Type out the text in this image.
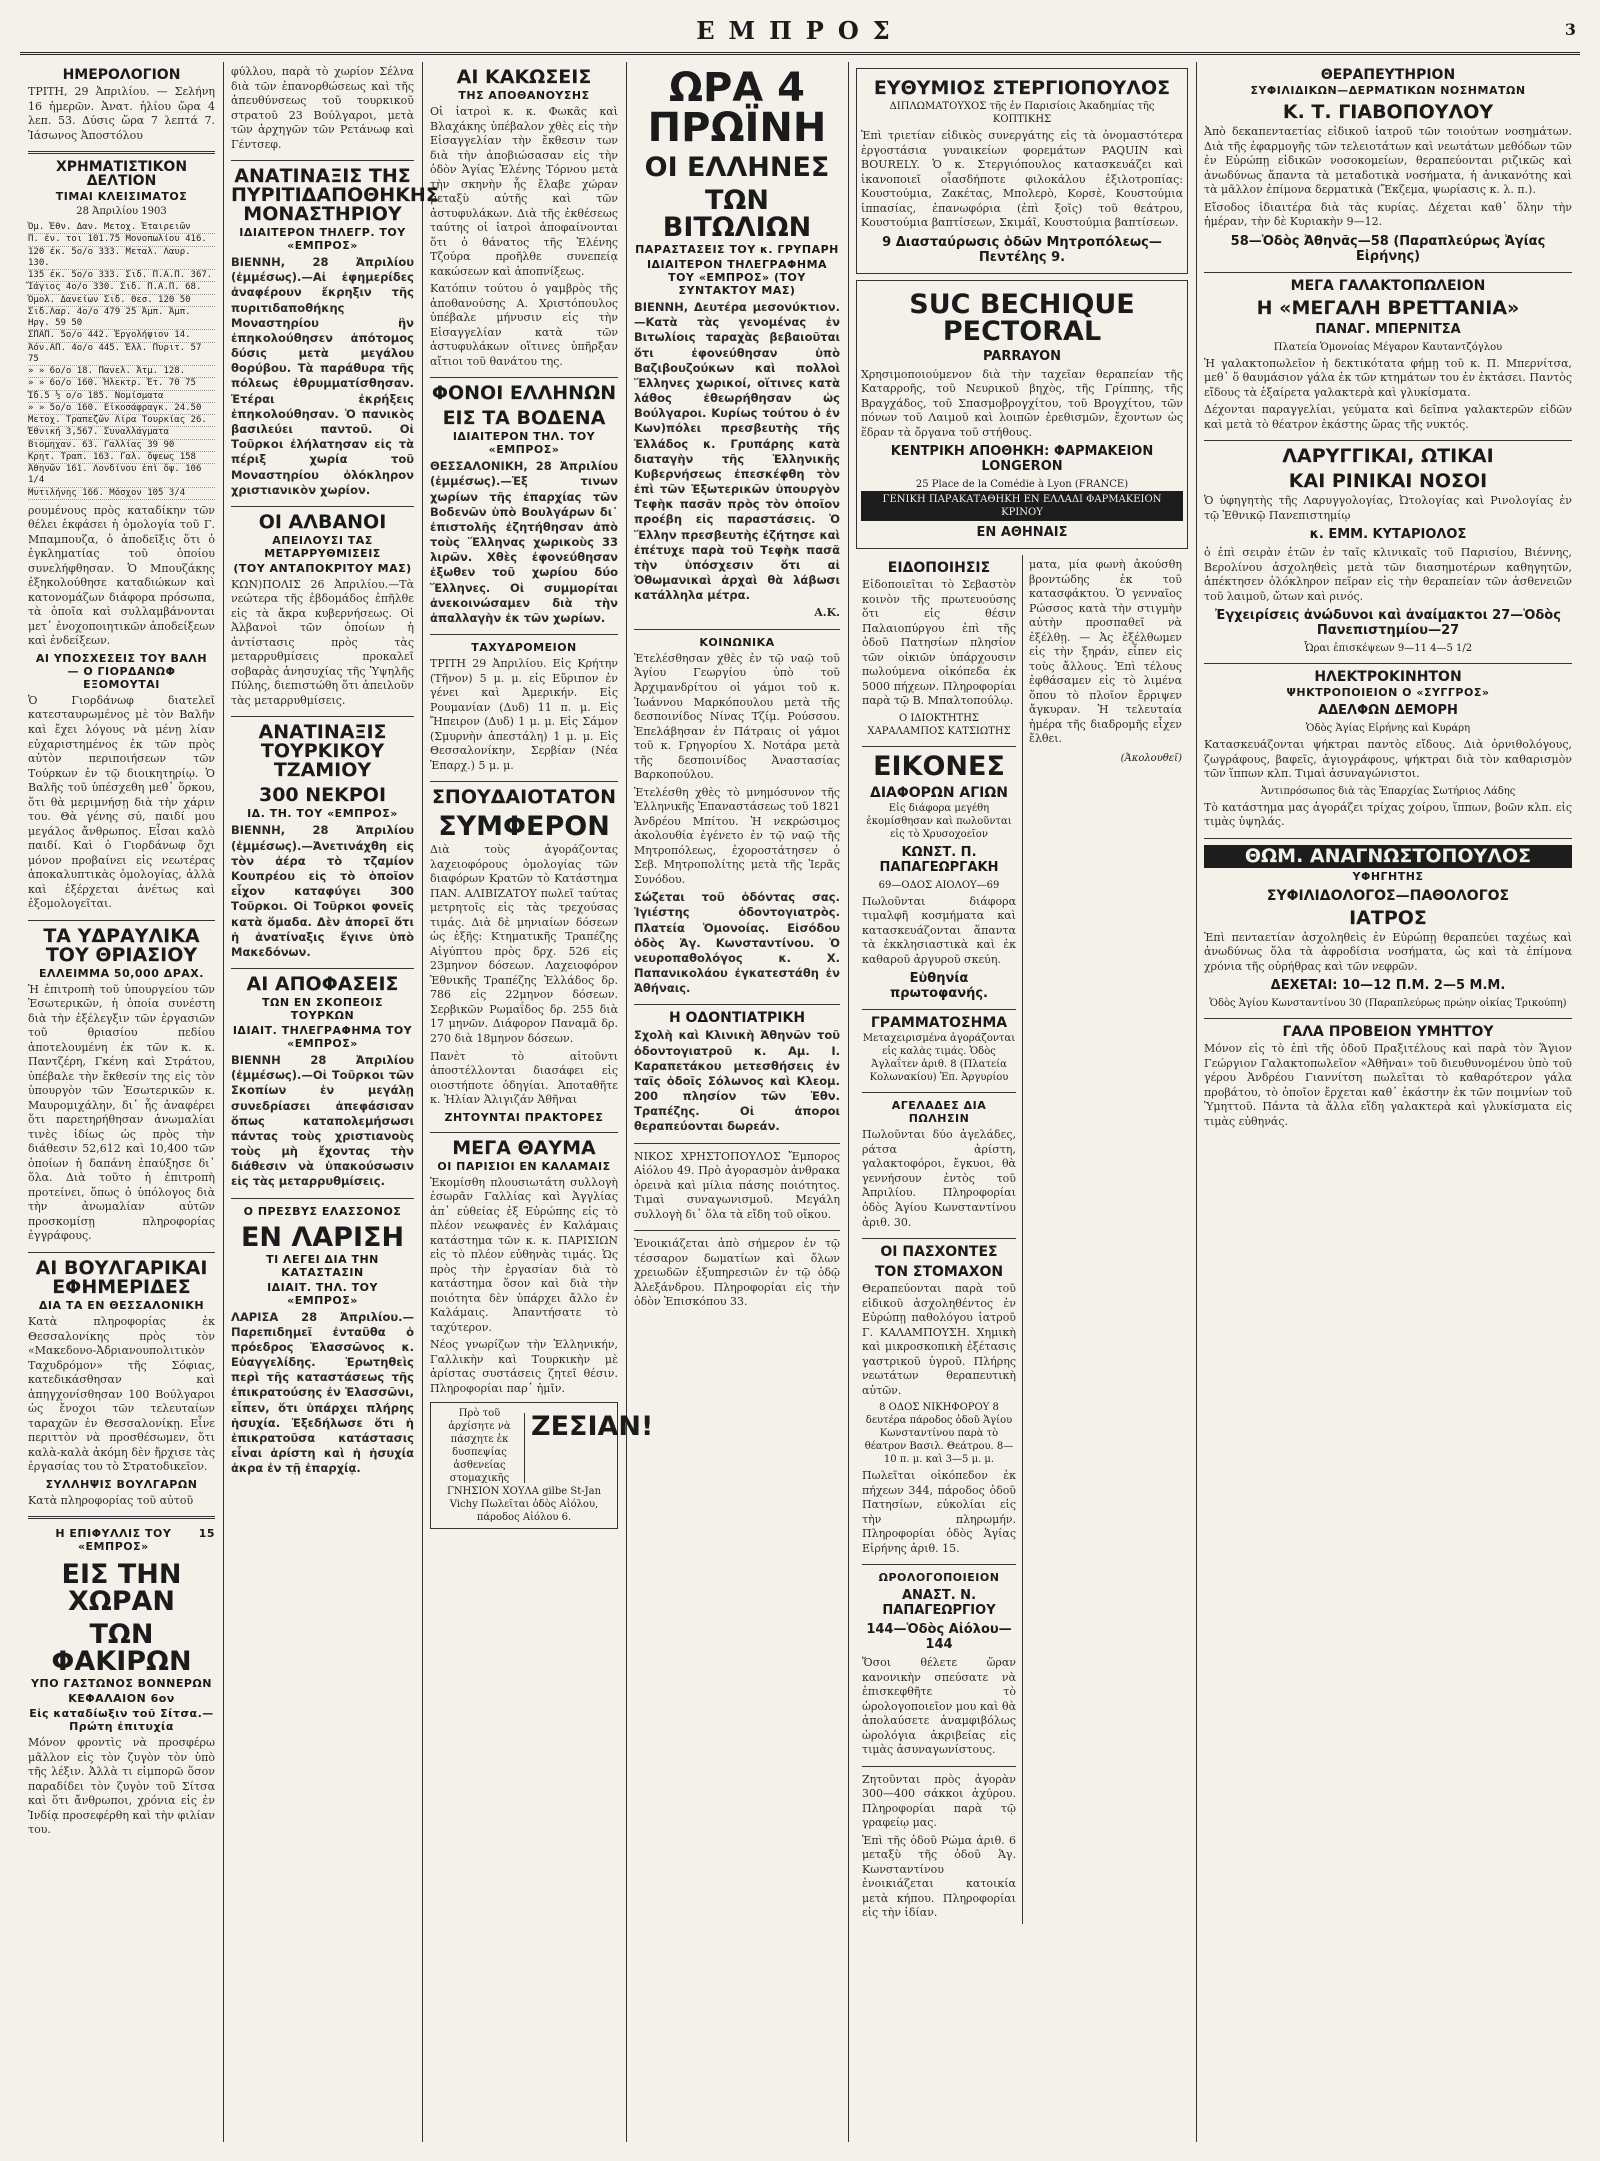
ΕΜΠΡΟΣ	3
ΗΜΕΡΟΛΟΓΙΟΝ
ΤΡΙΤΗ, 29 Ἀπριλίου. — Σελήνη 16 ἡμερῶν. Ἀνατ. ἡλίου ὥρα 4 λεπ. 53. Δύσις ὥρα 7 λεπτά 7. Ἰάσωνος Ἀποστόλου
ΧΡΗΜΑΤΙΣΤΙΚΟΝ ΔΕΛΤΙΟΝ
ΤΙΜΑΙ ΚΛΕΙΣΙΜΑΤΟΣ
28 Ἀπριλίου 1903
Ὁμ. Ἐθν. Δαν. Μετοχ. Ἑταιρειῶν
Π. ἑν. τοι 101.75 Μονοπωλίου 416.
120 έκ. 5ο/ο 333. Μεταλ. Λαυρ. 130.
135 έκ. 5ο/ο 333. Σιδ. Π.Α.Π. 367.
Ἴάγιος 4ο/ο 330. Σιδ. Π.Α.Π. 68.
Ὁμολ. Δανείων Σιδ. Θεσ. 120 50
Σιδ.Λαρ. 4ο/ο 479 25 Ἀμπ. Ἀμπ. Ηργ. 59 50
ΣΠΑΠ. 5ο/ο 442. Ἐργολήψιον 14.
Ἀόν.ΑΠ. 4ο/ο 445. Ἑλλ. Πυριτ. 57 75
» » 6ο/ο 18. Πανελ. Ἀτμ. 128.
» » 6ο/ο 160. Ἠλεκτρ. Ἑτ. 70 75
Ἰδ.5 ½ ο/ο 185. Νομίσματα
» » 5ο/ο 160. Εἰκοσάφραγκ. 24.50
Μετοχ. Τραπεζῶν Λίρα Τουρκίας 26.
Ἐθνική 3,567. Συναλλάγματα
Βιομηχαν. 63. Γαλλίας 39 90
Κρητ. Τραπ. 163. Γαλ. ὄψεως 158
Ἀθηνῶν 161. Λονδίνου ἐπὶ ὄψ. 106 1/4
Μυτιλήνης 166. Μόσχον 105 3/4
ρουμένους πρὸς καταδίκην τῶν θέλει ἐκφάσει ἡ ὁμολογία τοῦ Γ. Μπαμπουζα, ὁ ἀποδεῖξις ὅτι ὁ ἐγκληματίας τοῦ ὁποίου συνελήφθησαν. Ὁ Μπουζάκης ἐξηκολούθησε καταδιώκων καὶ κατονομάζων διάφορα πρόσωπα, τὰ ὁποῖα καὶ συλλαμβάνονται μετ᾽ ἐνοχοποιητικῶν ἀποδείξεων καὶ ἐνδείξεων.
ΑΙ ΥΠΟΣΧΕΣΕΙΣ ΤΟΥ ΒΑΛΗ — Ο ΓΙΟΡΔΑΝΩΦ ΕΞΟΜΟΥΤΑΙ
Ὁ Γιορδάνωφ διατελεῖ κατεσταυρωμένος μὲ τὸν Βαλῆν καὶ ἔχει λόγους νὰ μένῃ λίαν εὐχαριστημένος ἐκ τῶν πρὸς αὐτὸν περιποιήσεων τῶν Τούρκων ἐν τῷ διοικητηρίῳ. Ὁ Βαλῆς τοῦ ὑπέσχεθη μεθ᾽ ὅρκου, ὅτι θὰ μεριμνήσῃ διὰ τὴν χάριν του. Θὰ γένης σύ, παιδί μου μεγάλος ἄνθρωπος. Εἶσαι καλὸ παιδί. Καὶ ὁ Γιορδάνωφ ὄχι μόνον προβαίνει εἰς νεωτέρας ἀποκαλυπτικὰς ὁμολογίας, ἀλλὰ καὶ ἐξέρχεται ἀνέτως καὶ ἐξομολογεῖται.
ΤΑ ΥΔΡΑΥΛΙΚΑ ΤΟΥ ΘΡΙΑΣΙΟΥ
ΕΛΛΕΙΜΜΑ 50,000 ΔΡΑΧ.
Ἡ ἐπιτροπὴ τοῦ ὑπουργείου τῶν Ἐσωτερικῶν, ἡ ὁποία συνέστη διὰ τὴν ἐξέλεγξιν τῶν ἐργασιῶν τοῦ θριασίου πεδίου ἀποτελουμένη ἐκ τῶν κ. κ. Παντζέρη, Γκένη καὶ Στράτου, ὑπέβαλε τὴν ἔκθεσίν της εἰς τὸν ὑπουργὸν τῶν Ἐσωτερικῶν κ. Μαυρομιχάλην, δι᾽ ἧς ἀναφέρει ὅτι παρετηρήθησαν ἀνωμαλίαι τινὲς ἰδίως ὡς πρὸς τὴν διάθεσιν 52,612 καὶ 10,400 τῶν ὁποίων ἡ δαπάνη ἐπαύξησε δι᾽ ὅλα. Διὰ τοῦτο ἡ ἐπιτροπὴ προτείνει, ὅπως ὁ ὑπόλογος διὰ τὴν ἀνωμαλίαν αὐτῶν προσκομίσῃ πληροφορίας ἐγγράφους.
ΑΙ ΒΟΥΛΓΑΡΙΚΑΙ ΕΦΗΜΕΡΙΔΕΣ
ΔΙΑ ΤΑ ΕΝ ΘΕΣΣΑΛΟΝΙΚΗ
Κατὰ πληροφορίας ἐκ Θεσσαλονίκης πρὸς τὸν «Μακεδονο-Ἀδριανουπολιτικὸν Ταχυδρόμον» τῆς Σόφιας, κατεδικάσθησαν καὶ ἀπηγχονίσθησαν 100 Βούλγαροι ὡς ἔνοχοι τῶν τελευταίων ταραχῶν ἐν Θεσσαλονίκῃ. Εἶνε περιττὸν νὰ προσθέσωμεν, ὅτι καλὰ-καλὰ ἀκόμη δὲν ἤρχισε τὰς ἐργασίας του τὸ Στρατοδικεῖον.
ΣΥΛΛΗΨΙΣ ΒΟΥΛΓΑΡΩΝ
Κατὰ πληροφορίας τοῦ αὐτοῦ
Η ΕΠΙΦΥΛΛΙΣ ΤΟΥ «ΕΜΠΡΟΣ»
15
ΕΙΣ ΤΗΝ ΧΩΡΑΝ
ΤΩΝ ΦΑΚΙΡΩΝ
ΥΠΟ ΓΑΣΤΩΝΟΣ ΒΟΝΝΕΡΩΝ
ΚΕΦΑΛΑΙΟΝ 6ον
Εἰς καταδίωξιν τοῦ Σίτσα.— Πρώτη ἐπιτυχία
Μόνον φροντὶς νὰ προσφέρω μᾶλλον εἰς τὸν ζυγὸν τὸν ὑπὸ τῆς λέξιν. Ἀλλὰ τι εἰμπορῶ ὅσον παραδίδει τὸν ζυγὸν τοῦ Σίτσα καὶ ὅτι ἄνθρωποι, χρόνια εἰς ἐν Ἰνδίᾳ προσεφέρθη καὶ τὴν φιλίαν του.
φύλλου, παρὰ τὸ χωρίον Σέλνα διὰ τῶν ἐπανορθώσεως καὶ τῆς ἀπευθύνσεως τοῦ τουρκικοῦ στρατοῦ 23 Βούλγαροι, μετὰ τῶν ἀρχηγῶν τῶν Ρετάνωφ καὶ Γέντσεφ.
ΑΝΑΤΙΝΑΞΙΣ ΤΗΣ ΠΥΡΙΤΙΔΑΠΟΘΗΚΗΣ ΜΟΝΑΣΤΗΡΙΟΥ
ΙΔΙΑΙΤΕΡΟΝ ΤΗΛΕΓΡ. ΤΟΥ «ΕΜΠΡΟΣ»
ΒΙΕΝΝΗ, 28 Ἀπριλίου (ἐμμέσως).—Αἱ ἐφημερίδες ἀναφέρουν ἔκρηξιν τῆς πυριτιδαποθήκης Μοναστηρίου ἣν ἐπηκολούθησεν ἀπότομος δύσις μετὰ μεγάλου θορύβου. Τὰ παράθυρα τῆς πόλεως ἐθρυμματίσθησαν. Ἐτέραι ἐκρήξεις ἐπηκολούθησαν. Ὁ πανικὸς βασιλεύει παντοῦ. Οἱ Τοῦρκοι ἐλήλατησαν εἰς τὰ πέριξ χωρία τοῦ Μοναστηρίου ὁλόκληρον χριστιανικὸν χωρίον.
ΟΙ ΑΛΒΑΝΟΙ
ΑΠΕΙΛΟΥΣΙ ΤΑΣ ΜΕΤΑΡΡΥΘΜΙΣΕΙΣ
(ΤΟΥ ΑΝΤΑΠΟΚΡΙΤΟΥ ΜΑΣ)
ΚΩΝ)ΠΟΛΙΣ 26 Ἀπριλίου.—Τὰ νεώτερα τῆς ἑβδομάδος ἐπῆλθε εἰς τὰ ἄκρα κυβερνήσεως. Οἱ Ἀλβανοὶ τῶν ὁποίων ἡ ἀντίστασις πρὸς τὰς μεταρρυθμίσεις προκαλεῖ σοβαρὰς ἀνησυχίας τῆς Ὑψηλῆς Πύλης, διεπιστώθη ὅτι ἀπειλοῦν τὰς μεταρρυθμίσεις.
ΑΝΑΤΙΝΑΞΙΣ ΤΟΥΡΚΙΚΟΥ ΤΖΑΜΙΟΥ
300 ΝΕΚΡΟΙ
ΙΔ. ΤΗ. ΤΟΥ «ΕΜΠΡΟΣ»
ΒΙΕΝΝΗ, 28 Ἀπριλίου (ἐμμέσως).—Ἀνετινάχθη εἰς τὸν ἀέρα τὸ τζαμίον Κουπρέου εἰς τὸ ὁποῖον εἶχον καταφύγει 300 Τοῦρκοι. Οἱ Τοῦρκοι φονεῖς κατὰ ὅμαδα. Δὲν ἀπορεῖ ὅτι ἡ ἀνατίναξις ἔγινε ὑπὸ Μακεδόνων.
ΑΙ ΑΠΟΦΑΣΕΙΣ
ΤΩΝ ΕΝ ΣΚΟΠΕΟΙΣ ΤΟΥΡΚΩΝ
ΙΔΙΑΙΤ. ΤΗΛΕΓΡΑΦΗΜΑ ΤΟΥ «ΕΜΠΡΟΣ»
ΒΙΕΝΝΗ 28 Ἀπριλίου (ἐμμέσως).—Οἱ Τοῦρκοι τῶν Σκοπίων ἐν μεγάλῃ συνεδρίασει ἀπεφάσισαν ὅπως καταπολεμήσωσι πάντας τοὺς χριστιανοὺς τοὺς μὴ ἔχοντας τὴν διάθεσιν νὰ ὑπακούσωσιν εἰς τὰς μεταρρυθμίσεις.
Ο ΠΡΕΣΒΥΣ ΕΛΑΣΣΟΝΟΣ
ΕΝ ΛΑΡΙΣΗ
ΤΙ ΛΕΓΕΙ ΔΙΑ ΤΗΝ ΚΑΤΑΣΤΑΣΙΝ
ΙΔΙΑΙΤ. ΤΗΛ. ΤΟΥ «ΕΜΠΡΟΣ»
ΛΑΡΙΣΑ 28 Ἀπριλίου.—Παρεπιδημεῖ ἐνταῦθα ὁ πρόεδρος Ἐλασσῶνος κ. Εὐαγγελίδης. Ἐρωτηθεὶς περὶ τῆς καταστάσεως τῆς ἐπικρατούσης ἐν Ἐλασσῶνι, εἶπεν, ὅτι ὑπάρχει πλήρης ἡσυχία. Ἐξεδήλωσε ὅτι ἡ ἐπικρατοῦσα κατάστασις εἶναι ἀρίστη καὶ ἡ ἡσυχία ἀκρα ἐν τῇ ἐπαρχίᾳ.
ΑΙ ΚΑΚΩΣΕΙΣ
ΤΗΣ ΑΠΟΘΑΝΟΥΣΗΣ
Οἱ ἰατροὶ κ. κ. Φωκᾶς καὶ Βλαχάκης ὑπέβαλον χθὲς εἰς τὴν Εἰσαγγελίαν τὴν ἔκθεσιν των διὰ τὴν ἀποβιώσασαν εἰς τὴν ὁδὸν Ἁγίας Ἑλένης Τόρνου μετὰ τὴν σκηνὴν ἧς ἔλαβε χώραν μεταξὺ αὐτῆς καὶ τῶν ἀστυφυλάκων. Διὰ τῆς ἐκθέσεως ταύτης οἱ ἰατροὶ ἀποφαίνονται ὅτι ὁ θάνατος τῆς Ἑλένης Τζούρα προῆλθε συνεπείᾳ κακώσεων καὶ ἀποπνίξεως.
Κατόπιν τούτου ὁ γαμβρὸς τῆς ἀποθανούσης Α. Χριστόπουλος ὑπέβαλε μήνυσιν εἰς τὴν Εἰσαγγελίαν κατὰ τῶν ἀστυφυλάκων οἵτινες ὑπῆρξαν αἴτιοι τοῦ θανάτου της.
ΦΟΝΟΙ ΕΛΛΗΝΩΝ
ΕΙΣ ΤΑ ΒΟΔΕΝΑ
ΙΔΙΑΙΤΕΡΟΝ ΤΗΛ. ΤΟΥ «ΕΜΠΡΟΣ»
ΘΕΣΣΑΛΟΝΙΚΗ, 28 Ἀπριλίου (ἐμμέσως).—Ἐξ τινων χωρίων τῆς ἐπαρχίας τῶν Βοδενῶν ὑπὸ Βουλγάρων δι᾽ ἐπιστολῆς ἐζητήθησαν ἀπὸ τοὺς Ἕλληνας χωρικοὺς 33 λιρῶν. Χθὲς ἐφονεύθησαν ἐξωθεν τοῦ χωρίου δύο Ἕλληνες. Οἱ συμμορίται ἀνεκοινώσαμεν διὰ τὴν ἀπαλλαγὴν ἐκ τῶν χωρίων.
ΤΑΧΥΔΡΟΜΕΙΟΝ
ΤΡΙΤΗ 29 Ἀπριλίου. Εἰς Κρήτην (Τῆνον) 5 μ. μ. εἰς Εὔριπον ἐν γένει καὶ Ἀμερικήν. Εἰς Ρουμανίαν (Δυδ) 11 π. μ. Εἰς Ἤπειρον (Δυδ) 1 μ. μ. Εἰς Σάμον (Σμυρνὴν ἀπεστάλη) 1 μ. μ. Εἰς Θεσσαλονίκην, Σερβίαν (Νέα Ἐπαρχ.) 5 μ. μ.
ΣΠΟΥΔΑΙΟΤΑΤΟΝ
ΣΥΜΦΕΡΟΝ
Διὰ τοὺς ἀγοράζοντας λαχειοφόρους ὁμολογίας τῶν διαφόρων Κρατῶν τὸ Κατάστημα ΠΑΝ. ΑΛΙΒΙΖΑΤΟΥ πωλεῖ ταύτας μετρητοῖς εἰς τὰς τρεχούσας τιμάς. Διὰ δὲ μηνιαίων δόσεων ὡς ἑξῆς: Κτηματικῆς Τραπέζης Αἰγύπτου πρὸς δρχ. 526 εἰς 23μηνον δόσεων. Λαχειοφόρον Ἐθνικῆς Τραπέζης Ἑλλάδος δρ. 786 εἰς 22μηνον δόσεων. Σερβικῶν Ρωμαΐδος δρ. 255 διὰ 17 μηνῶν. Διάφορον Παναμᾶ δρ. 270 διὰ 18μηνον δόσεων.
Πανὲτ τὸ αἰτοῦντι ἀποστέλλονται διασάφει εἰς οιοστήποτε ὁδηγίαι. Ἀποταθῆτε κ. Ἠλίαν Ἀλιγιζάν Ἀθῆναι
ΖΗΤΟΥΝΤΑΙ ΠΡΑΚΤΟΡΕΣ
ΜΕΓΑ ΘΑΥΜΑ
ΟΙ ΠΑΡΙΣΙΟΙ ΕΝ ΚΑΛΑΜΑΙΣ
Ἐκομίσθη πλουσιωτάτη συλλογὴ ἐσωρᾶν Γαλλίας καὶ Ἀγγλίας ἀπ᾽ εὐθείας ἐξ Εὐρώπης εἰς τὸ πλέον νεωφανὲς ἐν Καλάμαις κατάστημα τῶν κ. κ. ΠΑΡΙΣΙΩΝ εἰς τὸ πλέον εὐθηνὰς τιμάς. Ὡς πρὸς τὴν ἐργασίαν διὰ τὸ κατάστημα ὅσον καὶ διὰ τὴν ποιότητα δὲν ὑπάρχει ἄλλο ἐν Καλάμαις. Ἀπαντήσατε τὸ ταχύτερον.
Νέος γνωρίζων τὴν Ἑλληνικήν, Γαλλικὴν καὶ Τουρκικὴν μὲ ἀρίστας συστάσεις ζητεῖ θέσιν. Πληροφορίαι παρ᾽ ἡμῖν.
Πρὸ τοῦ ἀρχίσητε νὰ πάσχητε ἐκ δυσπεψίας ἀσθενείας στομαχικῆς
ΖΕΣΙΑΝ!
ΓΝΗΣΙΟΝ ΧΟΥΛΑ gilbe St-Jan Vichy Πωλεῖται ὁδὸς Αἰόλου, πάροδος Αἰόλου 6.
ΩΡΑ 4 ΠΡΩΪΝΗ
ΟΙ ΕΛΛΗΝΕΣ
ΤΩΝ ΒΙΤΩΛΙΩΝ
ΠΑΡΑΣΤΑΣΕΙΣ ΤΟΥ κ. ΓΡΥΠΑΡΗ
ΙΔΙΑΙΤΕΡΟΝ ΤΗΛΕΓΡΑΦΗΜΑ ΤΟΥ «ΕΜΠΡΟΣ» (ΤΟΥ ΣΥΝΤΑΚΤΟΥ ΜΑΣ)
ΒΙΕΝΝΗ, Δευτέρα μεσονύκτιον.—Κατὰ τὰς γενομένας ἐν Βιτωλίοις ταραχὰς βεβαιοῦται ὅτι ἐφονεύθησαν ὑπὸ Βαζιβουζούκων καὶ πολλοὶ Ἕλληνες χωρικοί, οἵτινες κατὰ λάθος ἐθεωρήθησαν ὡς Βούλγαροι. Κυρίως τούτου ὁ ἐν Κων)πόλει πρεσβευτὴς τῆς Ἑλλάδος κ. Γρυπάρης κατὰ διαταγὴν τῆς Ἑλληνικῆς Κυβερνήσεως ἐπεσκέφθη τὸν ἐπὶ τῶν Ἐξωτερικῶν ὑπουργὸν Τεφὴκ πασᾶν πρὸς τὸν ὁποῖον προέβη εἰς παραστάσεις. Ὁ Ἕλλην πρεσβευτὴς ἐζήτησε καὶ ἐπέτυχε παρὰ τοῦ Τεφὴκ πασᾶ τὴν ὑπόσχεσιν ὅτι αἱ Ὀθωμανικαὶ ἀρχαὶ θὰ λάβωσι κατάλληλα μέτρα.
Α.Κ.
ΚΟΙΝΩΝΙΚΑ
Ἐτελέσθησαν χθὲς ἐν τῷ ναῷ τοῦ Ἁγίου Γεωργίου ὑπὸ τοῦ Ἀρχιμανδρίτου οἱ γάμοι τοῦ κ. Ἰωάννου Μαρκόπουλου μετὰ τῆς δεσποινίδος Νίνας Τζίμ. Ρούσσου. Ἐπελάβησαν ἐν Πάτραις οἱ γάμοι τοῦ κ. Γρηγορίου Χ. Νοτάρα μετὰ τῆς δεσποινίδος Ἀναστασίας Βαρκοπούλου.
Ἐτελέσθη χθὲς τὸ μνημόσυνον τῆς Ἑλληνικῆς Ἐπαναστάσεως τοῦ 1821 Ἀνδρέου Μπίτου. Ἡ νεκρώσιμος ἀκολουθία ἐγένετο ἐν τῷ ναῷ τῆς Μητροπόλεως, ἐχοροστάτησεν ὁ Σεβ. Μητροπολίτης μετὰ τῆς Ἱερᾶς Συνόδου.
Σώζεται τοῦ ὀδόντας σας. Ἰγιέστης ὀδοντογιατρὸς. Πλατεία Ὁμονοίας. Εἰσόδου ὁδὸς Ἁγ. Κωνσταντίνου. Ὁ νευροπαθολόγος κ. Χ. Παπανικολάου ἐγκατεστάθη ἐν Ἀθήναις.
Η ΟΔΟΝΤΙΑΤΡΙΚΗ
Σχολὴ καὶ Κλινικὴ Ἀθηνῶν τοῦ ὀδοντογιατροῦ κ. Αμ. Ι. Καραπετάκου μετεσθήσεις ἐν ταῖς ὁδοῖς Σόλωνος καὶ Κλεομ. 200 πλησίον τῶν Ἐθν. Τραπέζης. Οἱ ἀποροι θεραπεύονται δωρεάν.
ΝΙΚΟΣ ΧΡΗΣΤΟΠΟΥΛΟΣ Ἔμπορος Αἰόλου 49. Πρὸ ἀγορασμὸν ἀνθρακα ὀρεινὰ καὶ μίλια πάσης ποιότητος. Τιμαὶ συναγωνισμοῦ. Μεγάλη συλλογὴ δι᾽ ὅλα τὰ εἴδη τοῦ οἴκου.
Ἐνοικιάζεται ἀπὸ σήμερον ἐν τῷ τέσσαρον δωματίων καὶ ὄλων χρειωδῶν ἐξυπηρεσιῶν ἐν τῷ ὁδῷ Ἀλεξάνδρου. Πληροφορίαι εἰς τὴν ὁδὸν Ἐπισκόπου 33.
ΕΥΘΥΜΙΟΣ ΣΤΕΡΓΙΟΠΟΥΛΟΣ
ΔΙΠΛΩΜΑΤΟΥΧΟΣ τῆς ἐν Παρισίοις Ἀκαδημίας τῆς ΚΟΠΤΙΚΗΣ
Ἐπὶ τριετίαν εἰδικὸς συνεργάτης εἰς τὰ ὀνομαστότερα ἐργοστάσια γυναικείων φορεμάτων PAQUIN καὶ BOURELY. Ὁ κ. Στεργιόπουλος κατασκευάζει καὶ ἱκανοποιεῖ οἷασδήποτε φιλοκάλου ἐξιλοτροπίας: Κουστούμια, Ζακέτας, Μπολερὸ, Κορσὲ, Κουστούμια ἱππασίας, ἐπανωφόρια (ἐπὶ ξοῖς) τοῦ θεάτρου, Κουστούμια βαπτίσεων, Σκιμάῖ, Κουστούμια βαπτίσεων.
9 Διασταύρωσις ὁδῶν Μητροπόλεως—Πεντέλης 9.
SUC BECHIQUE PECTORAL
PARRAYON
Χρησιμοποιούμενον διὰ τὴν ταχεῖαν θεραπείαν τῆς Καταρροῆς, τοῦ Νευρικοῦ βηχὸς, τῆς Γρίππης, τῆς Βραγχάδος, τοῦ Σπασμοβρογχίτου, τοῦ Βρογχίτου, τῶν πόνων τοῦ Λαιμοῦ καὶ λοιπῶν ἐρεθισμῶν, ἔχοντων ὡς ἕδραν τὰ ὄργανα τοῦ στήθους.
ΚΕΝΤΡΙΚΗ ΑΠΟΘΗΚΗ: ΦΑΡΜΑΚΕΙΟΝ LONGERON
25 Place de la Comédie à Lyon (FRANCE)
ΓΕΝΙΚΗ ΠΑΡΑΚΑΤΑΘΗΚΗ ΕΝ ΕΛΛΑΔΙ ΦΑΡΜΑΚΕΙΟΝ ΚΡΙΝΟΥ
ΕΝ ΑΘΗΝΑΙΣ
ΕΙΔΟΠΟΙΗΣΙΣ
Εἰδοποιεῖται τὸ Σεβαστὸν κοινὸν τῆς πρωτευούσης ὅτι εἰς θέσιν Παλαιοπύργου ἐπὶ τῆς ὁδοῦ Πατησίων πλησίον τῶν οἰκιῶν ὑπάρχουσιν πωλούμενα οἰκόπεδα ἐκ 5000 πήχεων. Πληροφορίαι παρὰ τῷ Β. Μπαλτοπούλῳ.
Ο ΙΔΙΟΚΤΗΤΗΣ ΧΑΡΑΛΑΜΠΟΣ ΚΑΤΣΙΩΤΗΣ
ΕΙΚΟΝΕΣ
ΔΙΑΦΟΡΩΝ ΑΓΙΩΝ
Εἰς διάφορα μεγέθη ἐκομίσθησαν καὶ πωλοῦνται εἰς τὸ Χρυσοχοεῖον
ΚΩΝΣΤ. Π. ΠΑΠΑΓΕΩΡΓΑΚΗ
69—ΟΔΟΣ ΑΙΟΛΟΥ—69
Πωλοῦνται διάφορα τιμαλφῆ κοσμήματα καὶ κατασκευάζονται ἅπαντα τὰ ἐκκλησιαστικὰ καὶ ἐκ καθαροῦ ἀργυροῦ σκεύη.
Εὐθηνία πρωτοφανής.
ΓΡΑΜΜΑΤΟΣΗΜΑ
Μεταχειρισμένα ἀγοράζονται εἰς καλὰς τιμάς. Ὁδὸς Ἀγλαΐτεν ἀριθ. 8 (Πλατεία Κολωνακίου) Ἐπ. Ἀργυρίου
ΑΓΕΛΑΔΕΣ ΔΙΑ ΠΩΛΗΣΙΝ
Πωλοῦνται δύο ἀγελάδες, ράτσα ἀρίστη, γαλακτοφόροι, ἔγκυοι, θὰ γεννήσουν ἐντὸς τοῦ Ἀπριλίου. Πληροφορίαι ὁδὸς Ἁγίου Κωνσταντίνου ἀριθ. 30.
ΟΙ ΠΑΣΧΟΝΤΕΣ
ΤΟΝ ΣΤΟΜΑΧΟΝ
Θεραπεύονται παρὰ τοῦ εἰδικοῦ ἀσχοληθέντος ἐν Εὐρώπῃ παθολόγου ἰατροῦ Γ. ΚΑΛΑΜΠΟΥΣΗ. Χημικὴ καὶ μικροσκοπικὴ ἐξέτασις γαστρικοῦ ὑγροῦ. Πλήρης νεωτάτων θεραπευτικὴ αὐτῶν.
8 ΟΔΟΣ ΝΙΚΗΦΟΡΟΥ 8 δευτέρα πάροδος ὁδοῦ Ἁγίου Κωνσταντίνου παρὰ τὸ θέατρον Βασιλ. Θεάτρου. 8—10 π. μ. καὶ 3—5 μ. μ.
Πωλεῖται οἰκόπεδον ἐκ πήχεων 344, πάροδος ὁδοῦ Πατησίων, εὐκολίαι εἰς τὴν πληρωμήν. Πληροφορίαι ὁδὸς Ἁγίας Εἰρήνης ἀριθ. 15.
ΩΡΟΛΟΓΟΠΟΙΕΙΟΝ
ΑΝΑΣΤ. Ν. ΠΑΠΑΓΕΩΡΓΙΟΥ
144—Ὁδὸς Αἰόλου—144
Ὅσοι θέλετε ὥραν κανονικὴν σπεύσατε νὰ ἐπισκεφθῆτε τὸ ὡρολογοποιεῖον μου καὶ θὰ ἀπολαύσετε ἀναμφιβόλως ὡρολόγια ἀκριβείας εἰς τιμὰς ἀσυναγωνίστους.
Ζητοῦνται πρὸς ἀγορὰν 300—400 σάκκοι ἀχύρου. Πληροφορίαι παρὰ τῷ γραφείῳ μας.
Ἐπὶ τῆς ὁδοῦ Ρώμα ἀριθ. 6 μεταξὺ τῆς ὁδοῦ Ἁγ. Κωνσταντίνου ἐνοικιάζεται κατοικία μετὰ κήπου. Πληροφορίαι εἰς τὴν ἰδίαν.
ματα, μία φωνὴ ἀκούσθη βροντώδης ἐκ τοῦ κατασφάκτου. Ὁ γενναῖος Ρώσσος κατὰ τὴν στιγμὴν αὐτὴν προσπαθεῖ νὰ ἐξέλθῃ. — Ἀς ἐξέλθωμεν εἰς τὴν ξηράν, εἶπεν εἰς τοὺς ἄλλους. Ἐπὶ τέλους ἐφθάσαμεν εἰς τὸ λιμένα ὅπου τὸ πλοῖον ἔρριψεν ἄγκυραν. Ἡ τελευταία ἡμέρα τῆς διαδρομῆς εἶχεν ἔλθει.
(Ἀκολουθεῖ)
ΘΕΡΑΠΕΥΤΗΡΙΟΝ
ΣΥΦΙΛΙΔΙΚΩΝ—ΔΕΡΜΑΤΙΚΩΝ ΝΟΣΗΜΑΤΩΝ
Κ. Τ. ΓΙΑΒΟΠΟΥΛΟΥ
Ἀπὸ δεκαπενταετίας εἰδικοῦ ἰατροῦ τῶν τοιούτων νοσημάτων. Διὰ τῆς ἐφαρμογῆς τῶν τελειοτάτων καὶ νεωτάτων μεθόδων τῶν ἐν Εὐρώπῃ εἰδικῶν νοσοκομείων, θεραπεύονται ριζικῶς καὶ ἀνωδύνως ἅπαντα τὰ μεταδοτικὰ νοσήματα, ἡ ἀνικανότης καὶ τὰ μᾶλλον ἐπίμονα δερματικὰ (Ἔκζεμα, ψωρίασις κ. λ. π.).
Εἴσοδος ἰδιαιτέρα διὰ τὰς κυρίας. Δέχεται καθ᾽ ὅλην τὴν ἡμέραν, τὴν δὲ Κυριακὴν 9—12.
58—Ὁδὸς Ἀθηνᾶς—58 (Παραπλεύρως Ἁγίας Εἰρήνης)
ΜΕΓΑ ΓΑΛΑΚΤΟΠΩΛΕΙΟΝ
Η «ΜΕΓΑΛΗ ΒΡΕΤΤΑΝΙΑ»
ΠΑΝΑΓ. ΜΠΕΡΝΙΤΣΑ
Πλατεία Ὁμονοίας Μέγαρον Καυταντζόγλου
Ἡ γαλακτοπωλεῖον ἡ δεκτικότατα φήμῃ τοῦ κ. Π. Μπερνίτσα, μεθ᾽ ὅ θαυμάσιον γάλα ἐκ τῶν κτημάτων του ἐν ἐκτάσει. Παντὸς εἴδους τὰ ἐξαίρετα γαλακτερὰ καὶ γλυκίσματα.
Δέχονται παραγγελίαι, γεύματα καὶ δεῖπνα γαλακτερῶν εἰδῶν καὶ μετὰ τὸ θέατρον ἑκάστης ὥρας τῆς νυκτός.
ΛΑΡΥΓΓΙΚΑΙ, ΩΤΙΚΑΙ
ΚΑΙ ΡΙΝΙΚΑΙ ΝΟΣΟΙ
Ὁ ὑφηγητὴς τῆς Λαρυγγολογίας, Ὠτολογίας καὶ Ρινολογίας ἐν τῷ Ἐθνικῷ Πανεπιστημίῳ
κ. ΕΜΜ. ΚΥΤΑΡΙΟΛΟΣ
ὁ ἐπὶ σειρὰν ἐτῶν ἐν ταῖς κλινικαῖς τοῦ Παρισίου, Βιέννης, Βερολίνου ἀσχοληθεὶς μετὰ τῶν διασημοτέρων καθηγητῶν, ἀπέκτησεν ὁλόκληρον πεῖραν εἰς τὴν θεραπείαν τῶν ἀσθενειῶν τοῦ λαιμοῦ, ὤτων καὶ ρινός.
Ἐγχειρίσεις ἀνώδυνοι καὶ ἀναίμακτοι 27—Ὁδὸς Πανεπιστημίου—27
Ὧραι ἐπισκέψεων 9—11 4—5 1/2
ΗΛΕΚΤΡΟΚΙΝΗΤΟΝ
ΨΗΚΤΡΟΠΟΙΕΙΟΝ Ο «ΣΥΓΓΡΟΣ»
ΑΔΕΛΦΩΝ ΔΕΜΟΡΗ
Ὁδὸς Ἁγίας Εἰρήνης καὶ Κυράρη
Κατασκευάζονται ψήκτραι παντὸς εἴδους. Διὰ ὀρνιθολόγους, ζωγράφους, βαφεῖς, ἀγιογράφους, ψήκτραι διὰ τὸν καθαρισμὸν τῶν ἵππων κλπ. Τιμαὶ ἀσυναγώνιστοι.
Ἀντιπρόσωπος διὰ τὰς Ἐπαρχίας Σωτήριος Λάδης
Τὸ κατάστημα μας ἀγοράζει τρίχας χοίρου, ἵππων, βοῶν κλπ. εἰς τιμὰς ὑψηλάς.
ΘΩΜ. ΑΝΑΓΝΩΣΤΟΠΟΥΛΟΣ
ΥΦΗΓΗΤΗΣ
ΣΥΦΙΛΙΔΟΛΟΓΟΣ—ΠΑΘΟΛΟΓΟΣ
ΙΑΤΡΟΣ
Ἐπὶ πενταετίαν ἀσχοληθεὶς ἐν Εὐρώπῃ θεραπεύει ταχέως καὶ ἀνωδύνως ὅλα τὰ ἀφροδίσια νοσήματα, ὡς καὶ τὰ ἐπίμονα χρόνια τῆς οὐρήθρας καὶ τῶν νεφρῶν.
ΔΕΧΕΤΑΙ: 10—12 Π.Μ. 2—5 Μ.Μ.
Ὁδὸς Ἁγίου Κωνσταντίνου 30 (Παραπλεύρως πρώην οἰκίας Τρικούπη)
ΓΑΛΑ ΠΡΟΒΕΙΟΝ ΥΜΗΤΤΟΥ
Μόνον εἰς τὸ ἐπὶ τῆς ὁδοῦ Πραξιτέλους καὶ παρὰ τὸν Ἅγιον Γεώργιον Γαλακτοπωλεῖον «Ἀθῆναι» τοῦ διευθυνομένου ὑπὸ τοῦ γέρου Ἀνδρέου Γιαννίτση πωλεῖται τὸ καθαρότερον γάλα προβάτου, τὸ ὁποῖον ἔρχεται καθ᾽ ἑκάστην ἐκ τῶν ποιμνίων τοῦ Ὑμηττοῦ. Πάντα τὰ ἄλλα εἴδη γαλακτερὰ καὶ γλυκίσματα εἰς τιμὰς εὐθηνάς.
